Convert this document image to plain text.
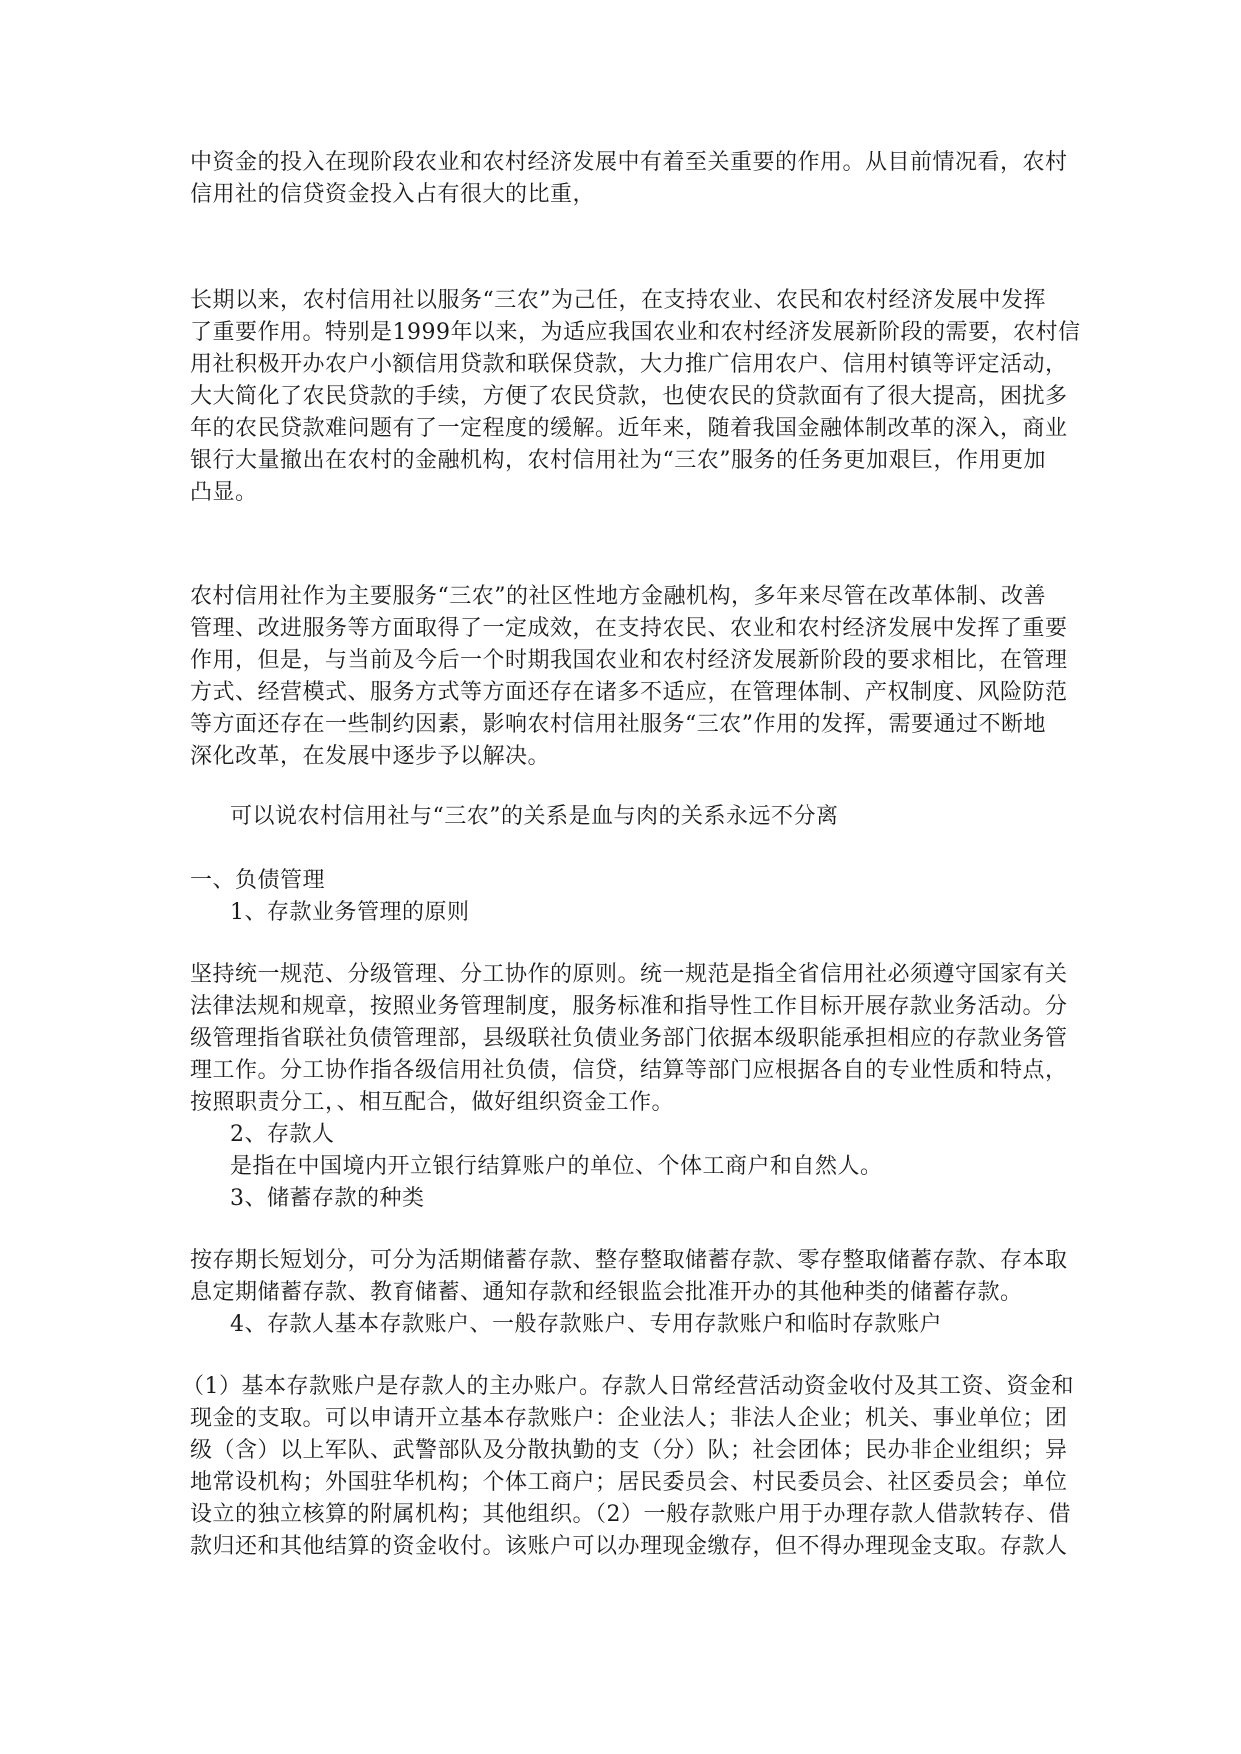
中资金的投入在现阶段农业和农村经济发展中有着至关重要的作用。从目前情况看，农村

信用社的信贷资金投入占有很大的比重，

长期以来，农村信用社以服务“三农”为己任，在支持农业、农民和农村经济发展中发挥

了重要作用。特别是1999年以来，为适应我国农业和农村经济发展新阶段的需要，农村信

用社积极开办农户小额信用贷款和联保贷款，大力推广信用农户、信用村镇等评定活动，

大大简化了农民贷款的手续，方便了农民贷款，也使农民的贷款面有了很大提高，困扰多

年的农民贷款难问题有了一定程度的缓解。近年来，随着我国金融体制改革的深入，商业

银行大量撤出在农村的金融机构，农村信用社为“三农”服务的任务更加艰巨，作用更加

凸显。

农村信用社作为主要服务“三农”的社区性地方金融机构，多年来尽管在改革体制、改善

管理、改进服务等方面取得了一定成效，在支持农民、农业和农村经济发展中发挥了重要

作用，但是，与当前及今后一个时期我国农业和农村经济发展新阶段的要求相比，在管理

方式、经营模式、服务方式等方面还存在诸多不适应，在管理体制、产权制度、风险防范

等方面还存在一些制约因素，影响农村信用社服务“三农”作用的发挥，需要通过不断地

深化改革，在发展中逐步予以解决。

可以说农村信用社与“三农”的关系是血与肉的关系永远不分离

一、负债管理

1、存款业务管理的原则

坚持统一规范、分级管理、分工协作的原则。统一规范是指全省信用社必须遵守国家有关

法律法规和规章，按照业务管理制度，服务标准和指导性工作目标开展存款业务活动。分

级管理指省联社负债管理部，县级联社负债业务部门依据本级职能承担相应的存款业务管

理工作。分工协作指各级信用社负债，信贷，结算等部门应根据各自的专业性质和特点，

按照职责分工，、相互配合，做好组织资金工作。

2、存款人

是指在中国境内开立银行结算账户的单位、个体工商户和自然人。

3、储蓄存款的种类

按存期长短划分，可分为活期储蓄存款、整存整取储蓄存款、零存整取储蓄存款、存本取

息定期储蓄存款、教育储蓄、通知存款和经银监会批准开办的其他种类的储蓄存款。

4、存款人基本存款账户、一般存款账户、专用存款账户和临时存款账户

（1）基本存款账户是存款人的主办账户。存款人日常经营活动资金收付及其工资、资金和

现金的支取。可以申请开立基本存款账户：企业法人；非法人企业；机关、事业单位；团

级（含）以上军队、武警部队及分散执勤的支（分）队；社会团体；民办非企业组织；异

地常设机构；外国驻华机构；个体工商户；居民委员会、村民委员会、社区委员会；单位

设立的独立核算的附属机构；其他组织。（2）一般存款账户用于办理存款人借款转存、借

款归还和其他结算的资金收付。该账户可以办理现金缴存，但不得办理现金支取。存款人
